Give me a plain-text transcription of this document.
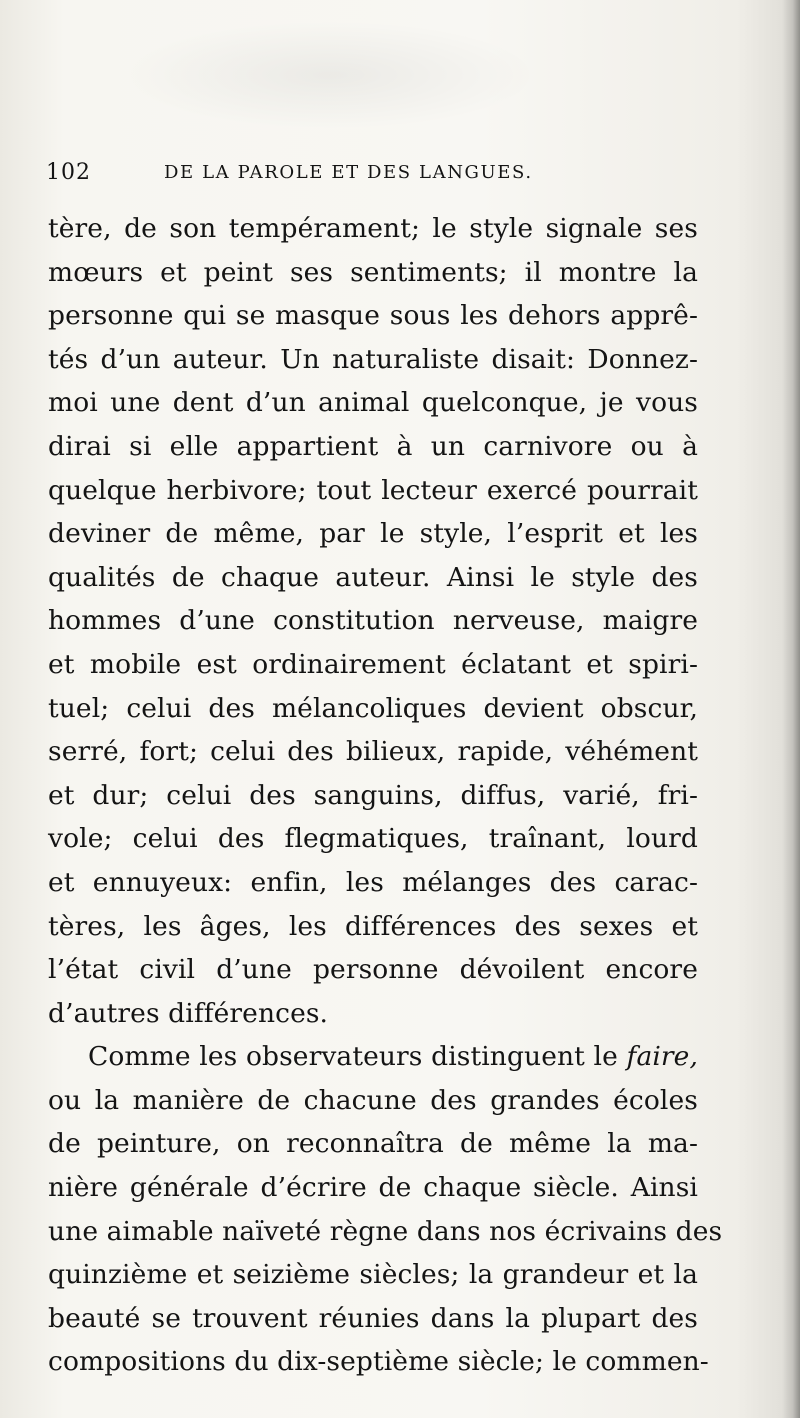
102	DE LA PAROLE ET DES LANGUES.
tère, de son tempérament; le style signale ses
mœurs et peint ses sentiments; il montre la
personne qui se masque sous les dehors apprê-
tés d’un auteur. Un naturaliste disait: Donnez-
moi une dent d’un animal quelconque, je vous
dirai si elle appartient à un carnivore ou à
quelque herbivore; tout lecteur exercé pourrait
deviner de même, par le style, l’esprit et les
qualités de chaque auteur. Ainsi le style des
hommes d’une constitution nerveuse, maigre
et mobile est ordinairement éclatant et spiri-
tuel; celui des mélancoliques devient obscur,
serré, fort; celui des bilieux, rapide, véhément
et dur; celui des sanguins, diffus, varié, fri-
vole; celui des flegmatiques, traînant, lourd
et ennuyeux: enfin, les mélanges des carac-
tères, les âges, les différences des sexes et
l’état civil d’une personne dévoilent encore
d’autres différences.
Comme les observateurs distinguent le faire,
ou la manière de chacune des grandes écoles
de peinture, on reconnaîtra de même la ma-
nière générale d’écrire de chaque siècle. Ainsi
une aimable naïveté règne dans nos écrivains des
quinzième et seizième siècles; la grandeur et la
beauté se trouvent réunies dans la plupart des
compositions du dix-septième siècle; le commen-
